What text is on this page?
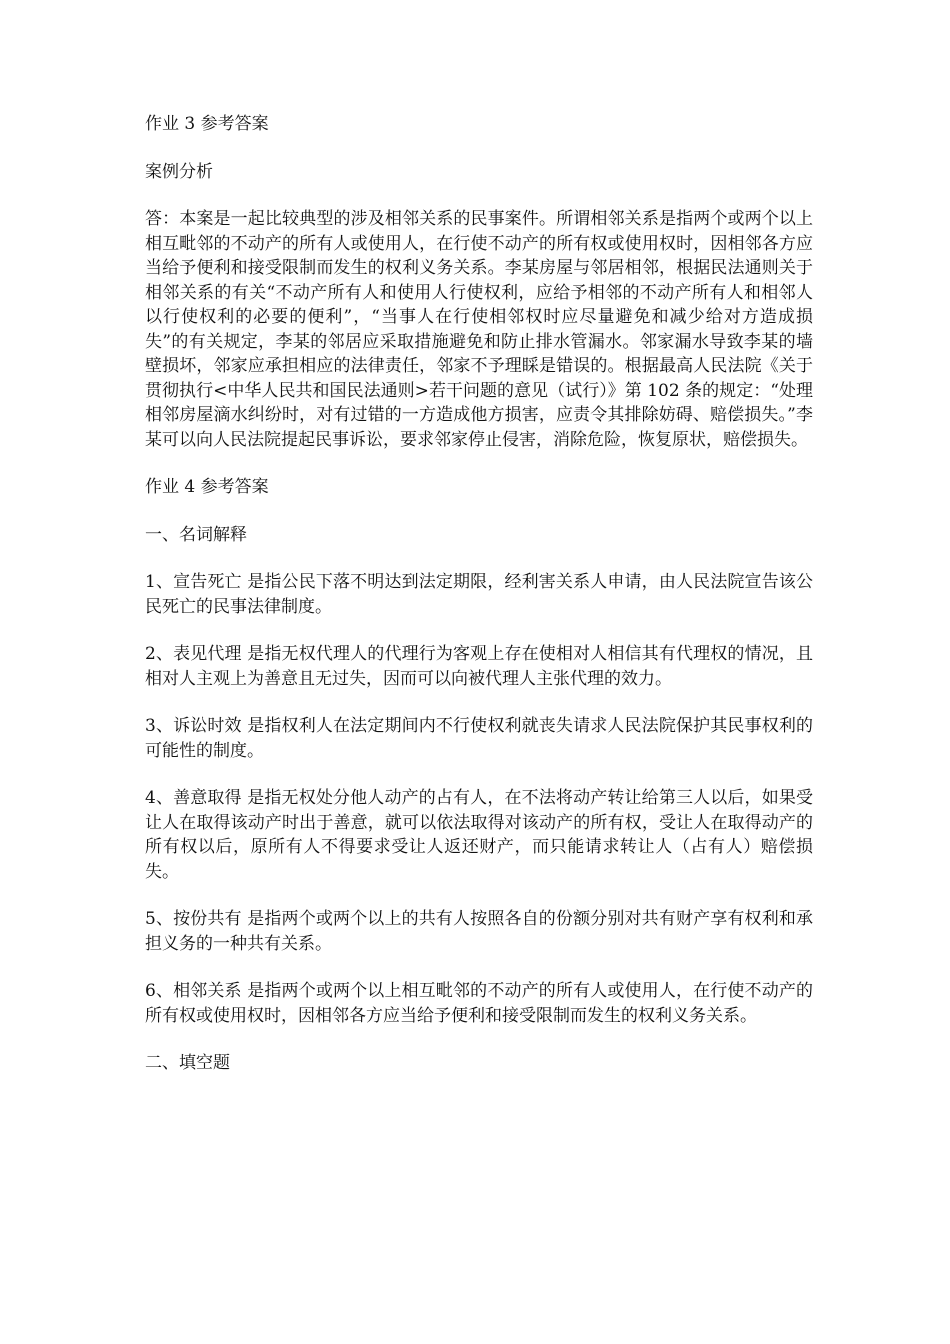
作业 3 参考答案

案例分析

答：本案是一起比较典型的涉及相邻关系的民事案件。所谓相邻关系是指两个或两个以上相互毗邻的不动产的所有人或使用人，在行使不动产的所有权或使用权时，因相邻各方应当给予便利和接受限制而发生的权利义务关系。李某房屋与邻居相邻，根据民法通则关于相邻关系的有关“不动产所有人和使用人行使权利，应给予相邻的不动产所有人和相邻人以行使权利的必要的便利”，“当事人在行使相邻权时应尽量避免和减少给对方造成损失”的有关规定，李某的邻居应采取措施避免和防止排水管漏水。邻家漏水导致李某的墙壁损坏，邻家应承担相应的法律责任，邻家不予理睬是错误的。根据最高人民法院《关于贯彻执行<中华人民共和国民法通则>若干问题的意见（试行）》第 102 条的规定：“处理相邻房屋滴水纠纷时，对有过错的一方造成他方损害，应责令其排除妨碍、赔偿损失。”李某可以向人民法院提起民事诉讼，要求邻家停止侵害，消除危险，恢复原状，赔偿损失。

作业 4 参考答案

一、名词解释

1、宣告死亡 是指公民下落不明达到法定期限，经利害关系人申请，由人民法院宣告该公民死亡的民事法律制度。

2、表见代理 是指无权代理人的代理行为客观上存在使相对人相信其有代理权的情况，且相对人主观上为善意且无过失，因而可以向被代理人主张代理的效力。

3、诉讼时效 是指权利人在法定期间内不行使权利就丧失请求人民法院保护其民事权利的可能性的制度。

4、善意取得 是指无权处分他人动产的占有人，在不法将动产转让给第三人以后，如果受让人在取得该动产时出于善意，就可以依法取得对该动产的所有权，受让人在取得动产的所有权以后，原所有人不得要求受让人返还财产，而只能请求转让人（占有人）赔偿损失。

5、按份共有 是指两个或两个以上的共有人按照各自的份额分别对共有财产享有权利和承担义务的一种共有关系。

6、相邻关系 是指两个或两个以上相互毗邻的不动产的所有人或使用人，在行使不动产的所有权或使用权时，因相邻各方应当给予便利和接受限制而发生的权利义务关系。

二、填空题
